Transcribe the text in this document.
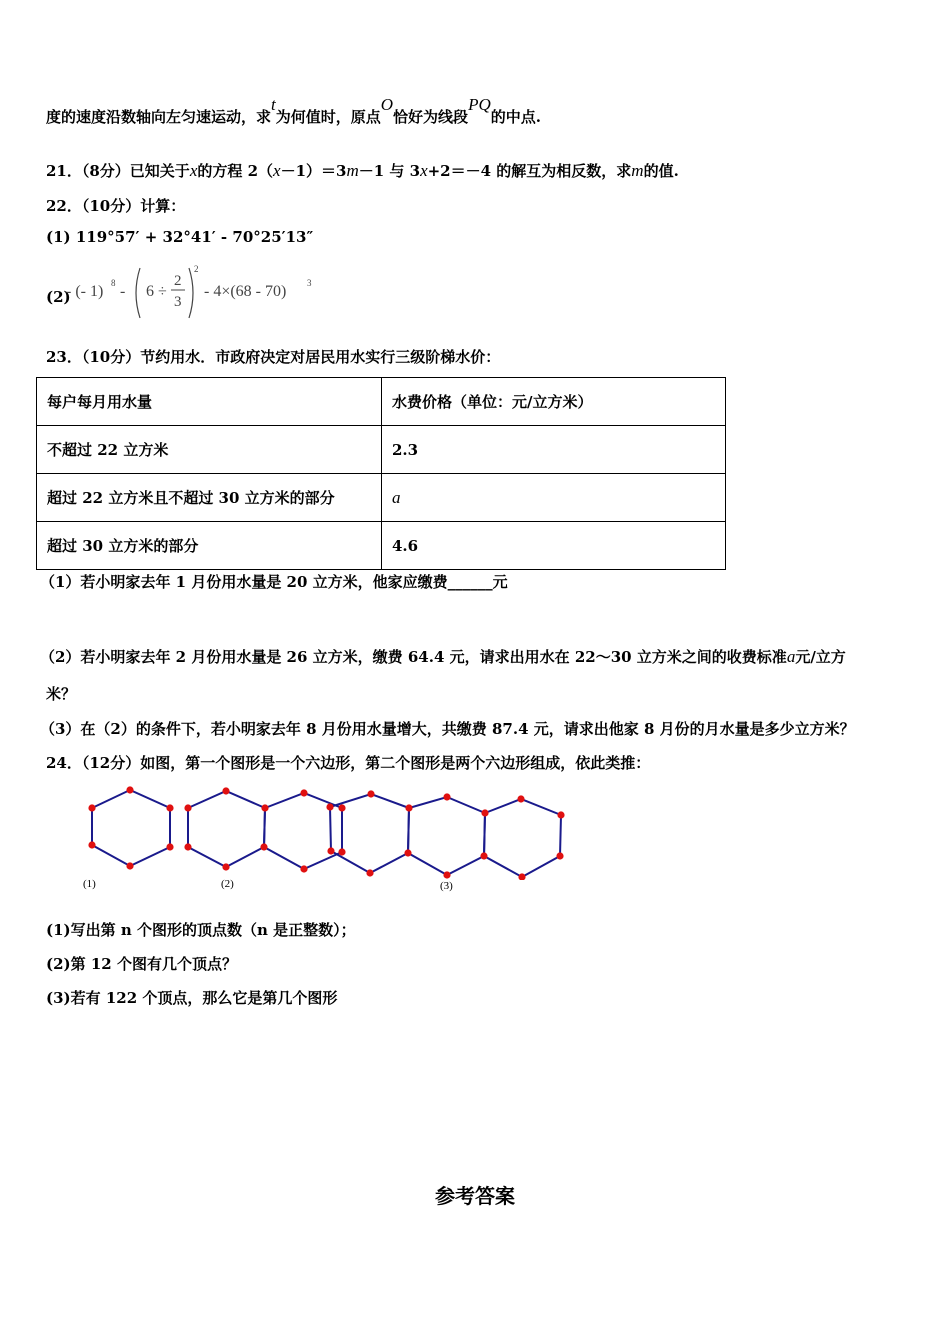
度的速度沿数轴向左匀速运动，求t为何值时，原点O恰好为线段PQ的中点.
21．（8分）已知关于x的方程 2（x－1）＝3m－1 与 3x+2＝－4 的解互为相反数，求m的值.
22．（10分）计算：
(1) 119°57′ + 32°41′ - 70°25′13″
(2)
- (- 1) 8 - 6 ÷
2
3
2
- 4×(68 - 70) 3
23．（10分）节约用水．市政府决定对居民用水实行三级阶梯水价：
每户每月用水量	水费价格（单位：元/立方米）
不超过 22 立方米	2.3
超过 22 立方米且不超过 30 立方米的部分	a
超过 30 立方米的部分	4.6
（1）若小明家去年 1 月份用水量是 20 立方米，他家应缴费______元
（2）若小明家去年 2 月份用水量是 26 立方米，缴费 64.4 元，请求出用水在 22～30 立方米之间的收费标准a元/立方
米？
（3）在（2）的条件下，若小明家去年 8 月份用水量增大，共缴费 87.4 元，请求出他家 8 月份的月水量是多少立方米？
24．（12分）如图，第一个图形是一个六边形，第二个图形是两个六边形组成，依此类推：
(1)	(2)	(3)
(1)写出第 n 个图形的顶点数（n 是正整数）；
(2)第 12 个图有几个顶点？
(3)若有 122 个顶点，那么它是第几个图形
参考答案
